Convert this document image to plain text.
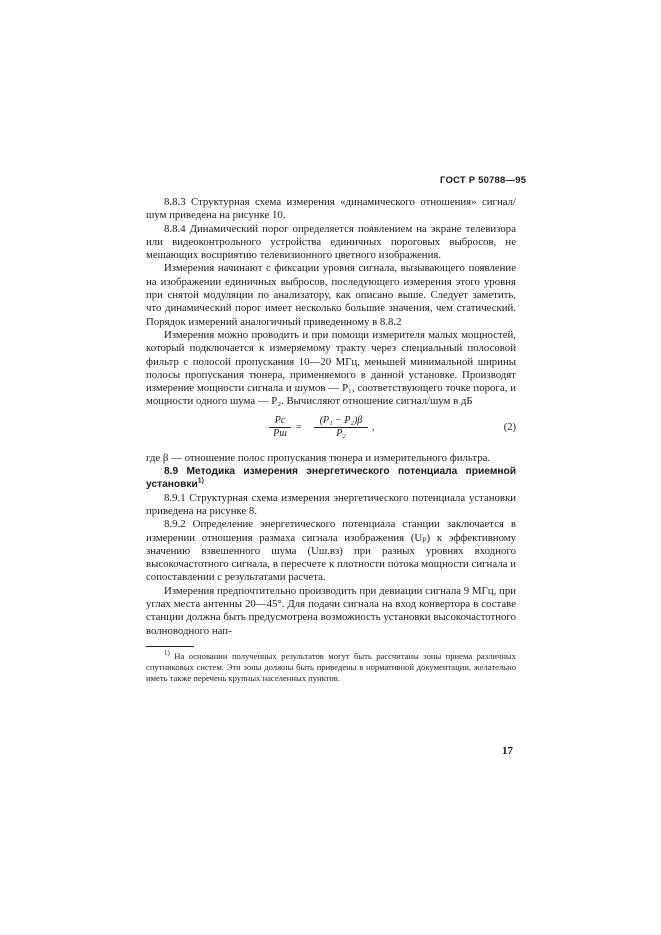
ГОСТ Р 50788—95

8.8.3 Структурная схема измерения «динамического отношения» сигнал/шум приведена на рисунке 10.

8.8.4 Динамический порог определяется появлением на экране телевизора или видеоконтрольного устройства единичных пороговых выбросов, не мешающих восприятию телевизионного цветного изображения.

Измерения начинают с фиксации уровня сигнала, вызывающего появление на изображении единичных выбросов, последующего измерения этого уровня при снятой модуляции по анализатору, как описано выше. Следует заметить, что динамический порог имеет несколько большие значения, чем статический. Порядок измерений аналогичный приведенному в 8.8.2

Измерения можно проводить и при помощи измерителя малых мощностей, который подключается к измеряемому тракту через специальный полосовой фильтр с полосой пропускания 10—20 МГц, меньшей минимальной ширины полосы пропускания тюнера, применяемого в данной установке. Производят измерение мощности сигнала и шумов — P₁, соответствующего точке порога, и мощности одного шума — P₂. Вычисляют отношение сигнал/шум в дБ

Pc
Pш
= $\frac{\text{(P₁ − P₂)β}}{\text{P₂}}$ ,	(2)

где β — отношение полос пропускания тюнера и измерительного фильтра.

8.9 Методика измерения энергетического потенциала приемной установки$^{1)}$

8.9.1 Структурная схема измерения энергетического потенциала установки приведена на рисунке 8.

8.9.2 Определение энергетического потенциала станции заключается в измерении отношения размаха сигнала изображения (Uₚ) к эффективному значению взвешенного шума (Uш.вз) при разных уровнях входного высокочастотного сигнала, в пересчете к плотности потока мощности сигнала и сопоставлении с результатами расчета.

Измерения предпочтительно производить при девиации сигнала 9 МГц, при углах места антенны 20—45°. Для подачи сигнала на вход конвертора в составе станции должна быть предусмотрена возможность установки высокочастотного волноводного нап-

$^{1)}$ На основании полученных результатов могут быть рассчитаны зоны приема различных спутниковых систем. Эти зоны должны быть приведены в нормативной документации, желательно иметь также перечень крупных населенных пунктов.

17
